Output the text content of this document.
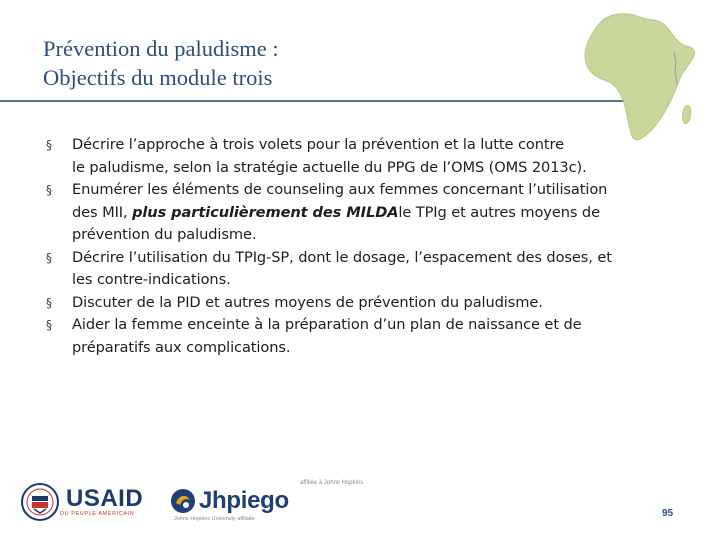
Prévention du paludisme :
Objectifs du module trois
§ Décrire l’approche à trois volets pour la prévention et la lutte contre
le paludisme, selon la stratégie actuelle du PPG de l’OMS (OMS 2013c).
§ Enumérer les éléments de counseling aux femmes concernant l’utilisation
des MII, plus particulièrement des MILDAle TPIg et autres moyens de
prévention du paludisme.
§ Décrire l’utilisation du TPIg-SP, dont le dosage, l’espacement des doses, et
les contre-indications.
§ Discuter de la PID et autres moyens de prévention du paludisme.
§ Aider la femme enceinte à la préparation d’un plan de naissance et de
préparatifs aux complications.
USAID
DU PEUPLE AMERICAIN
affiliée à Johns Hopkins
Jhpiego
Johns Hopkins University affiliate	95
